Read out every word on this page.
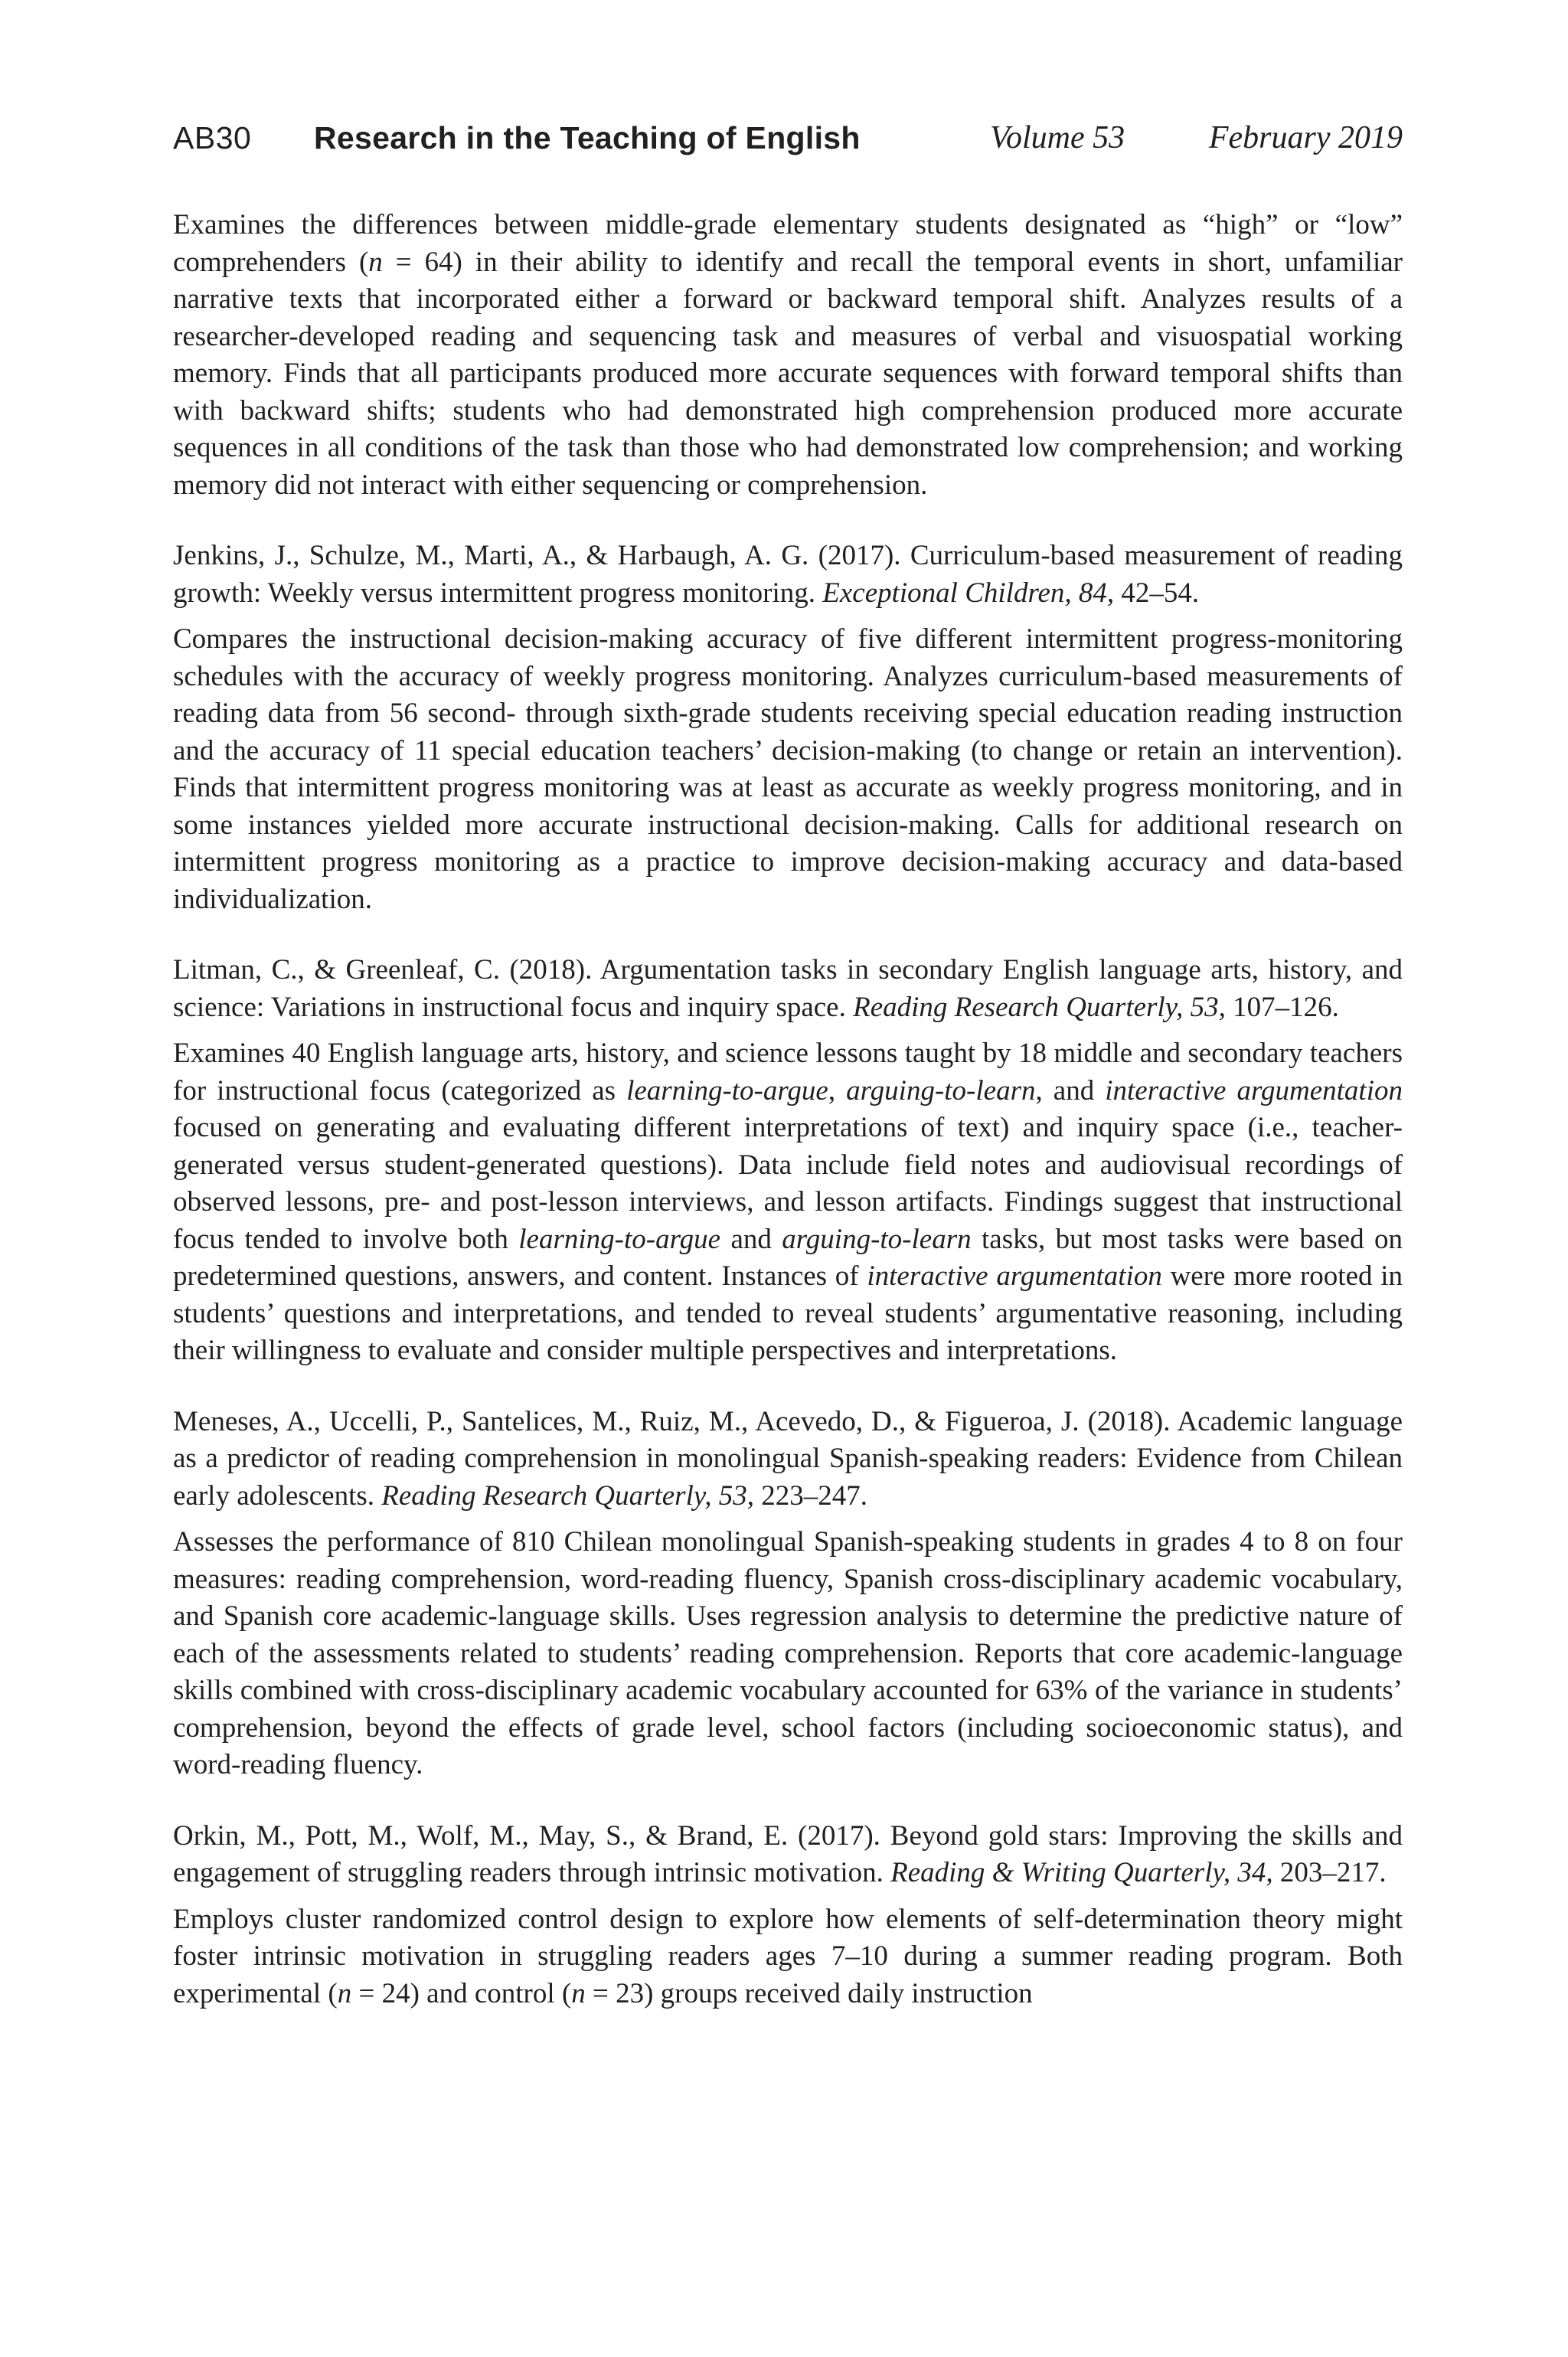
AB30 Research in the Teaching of English	Volume 53	February 2019

Examines the differences between middle-grade elementary students designated as “high” or “low” comprehenders (n = 64) in their ability to identify and recall the temporal events in short, unfamiliar narrative texts that incorporated either a forward or backward temporal shift. Analyzes results of a researcher-developed reading and sequencing task and measures of verbal and visuospatial working memory. Finds that all participants produced more accurate sequences with forward temporal shifts than with backward shifts; students who had demonstrated high comprehension produced more accurate sequences in all conditions of the task than those who had demonstrated low comprehension; and working memory did not interact with either sequencing or comprehension.

Jenkins, J., Schulze, M., Marti, A., & Harbaugh, A. G. (2017). Curriculum-based measurement of reading growth: Weekly versus intermittent progress monitoring. Exceptional Children, 84, 42–54.

Compares the instructional decision-making accuracy of five different intermittent progress-monitoring schedules with the accuracy of weekly progress monitoring. Analyzes curriculum-based measurements of reading data from 56 second- through sixth-grade students receiving special education reading instruction and the accuracy of 11 special education teachers’ decision-making (to change or retain an intervention). Finds that intermittent progress monitoring was at least as accurate as weekly progress monitoring, and in some instances yielded more accurate instructional decision-making. Calls for additional research on intermittent progress monitoring as a practice to improve decision-making accuracy and data-based individualization.

Litman, C., & Greenleaf, C. (2018). Argumentation tasks in secondary English language arts, history, and science: Variations in instructional focus and inquiry space. Reading Research Quarterly, 53, 107–126.

Examines 40 English language arts, history, and science lessons taught by 18 middle and secondary teachers for instructional focus (categorized as learning-to-argue, arguing-to-learn, and interactive argumentation focused on generating and evaluating different interpretations of text) and inquiry space (i.e., teacher-generated versus student-generated questions). Data include field notes and audiovisual recordings of observed lessons, pre- and post-lesson interviews, and lesson artifacts. Findings suggest that instructional focus tended to involve both learning-to-argue and arguing-to-learn tasks, but most tasks were based on predetermined questions, answers, and content. Instances of interactive argumentation were more rooted in students’ questions and interpretations, and tended to reveal students’ argumentative reasoning, including their willingness to evaluate and consider multiple perspectives and interpretations.

Meneses, A., Uccelli, P., Santelices, M., Ruiz, M., Acevedo, D., & Figueroa, J. (2018). Academic language as a predictor of reading comprehension in monolingual Spanish-speaking readers: Evidence from Chilean early adolescents. Reading Research Quarterly, 53, 223–247.

Assesses the performance of 810 Chilean monolingual Spanish-speaking students in grades 4 to 8 on four measures: reading comprehension, word-reading fluency, Spanish cross-disciplinary academic vocabulary, and Spanish core academic-language skills. Uses regression analysis to determine the predictive nature of each of the assessments related to students’ reading comprehension. Reports that core academic-language skills combined with cross-disciplinary academic vocabulary accounted for 63% of the variance in students’ comprehension, beyond the effects of grade level, school factors (including socioeconomic status), and word-reading fluency.

Orkin, M., Pott, M., Wolf, M., May, S., & Brand, E. (2017). Beyond gold stars: Improving the skills and engagement of struggling readers through intrinsic motivation. Reading & Writing Quarterly, 34, 203–217.

Employs cluster randomized control design to explore how elements of self-determination theory might foster intrinsic motivation in struggling readers ages 7–10 during a summer reading program. Both experimental (n = 24) and control (n = 23) groups received daily instruction
